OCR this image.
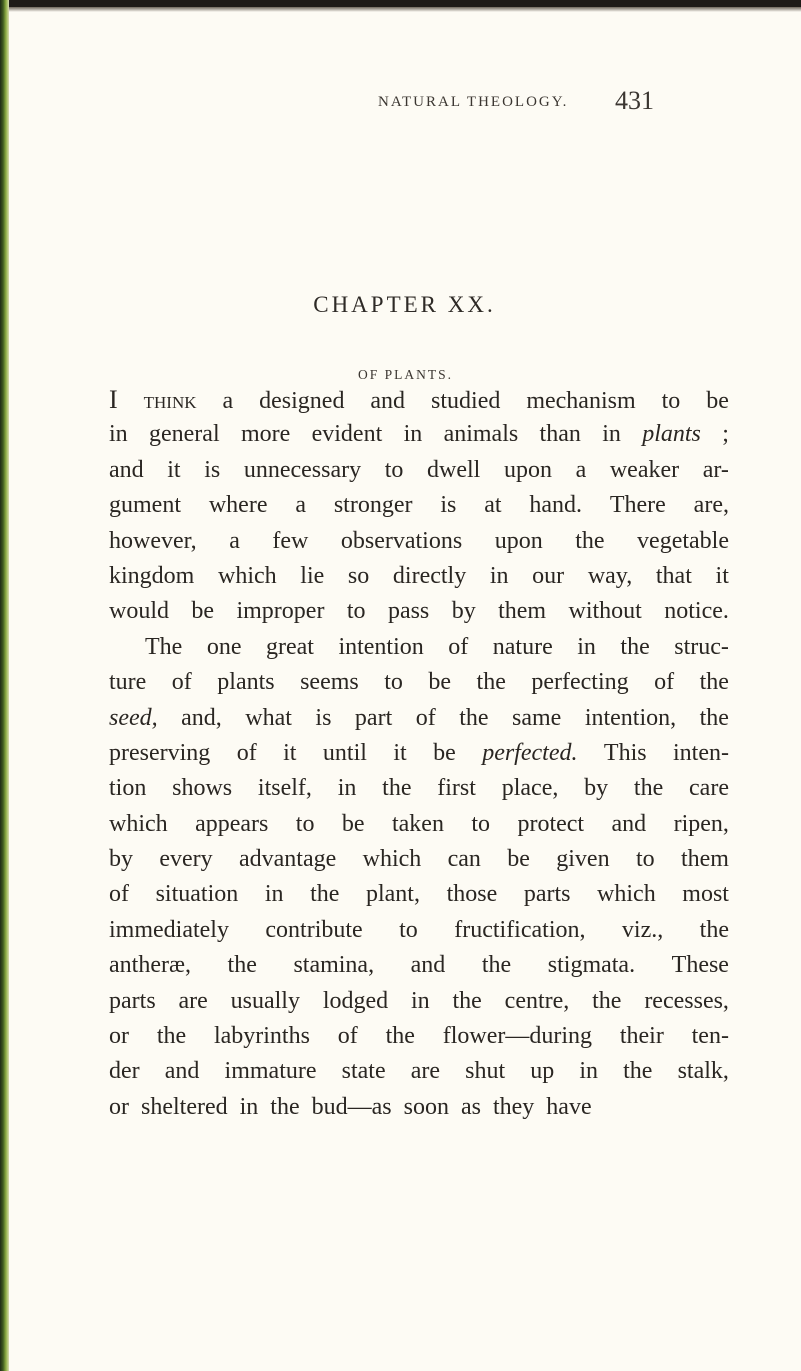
NATURAL THEOLOGY. 431
CHAPTER XX.
OF PLANTS.
I think a designed and studied mechanism to be
in general more evident in animals than in plants ;
and it is unnecessary to dwell upon a weaker ar-
gument where a stronger is at hand. There are,
however, a few observations upon the vegetable
kingdom which lie so directly in our way, that it
would be improper to pass by them without notice.
The one great intention of nature in the struc-
ture of plants seems to be the perfecting of the
seed, and, what is part of the same intention, the
preserving of it until it be perfected. This inten-
tion shows itself, in the first place, by the care
which appears to be taken to protect and ripen,
by every advantage which can be given to them
of situation in the plant, those parts which most
immediately contribute to fructification, viz., the
antheræ, the stamina, and the stigmata. These
parts are usually lodged in the centre, the recesses,
or the labyrinths of the flower—during their ten-
der and immature state are shut up in the stalk,
or sheltered in the bud—as soon as they have
